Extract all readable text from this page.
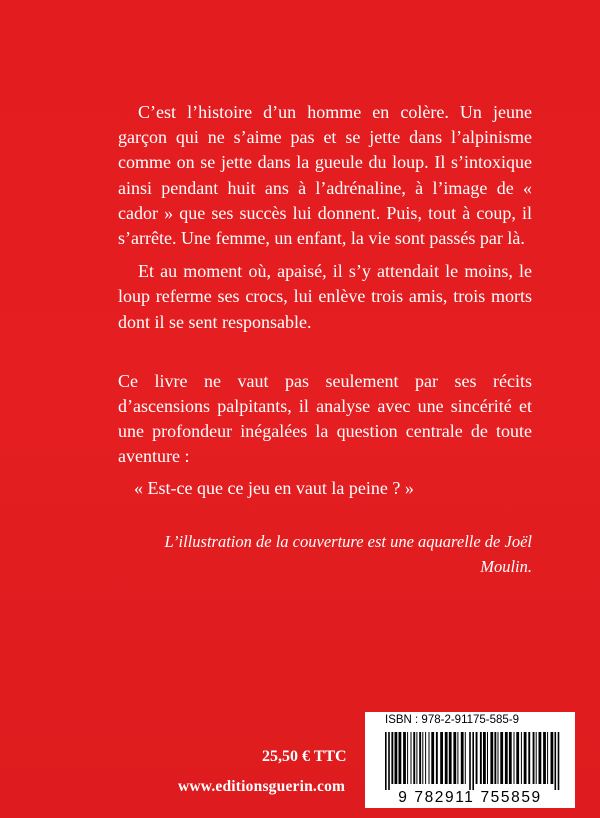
C’est l’histoire d’un homme en colère. Un jeune garçon qui ne s’aime pas et se jette dans l’alpinisme comme on se jette dans la gueule du loup. Il s’intoxique ainsi pendant huit ans à l’adrénaline, à l’image de « cador » que ses succès lui donnent. Puis, tout à coup, il s’arrête. Une femme, un enfant, la vie sont passés par là.

Et au moment où, apaisé, il s’y attendait le moins, le loup referme ses crocs, lui enlève trois amis, trois morts dont il se sent responsable.

Ce livre ne vaut pas seulement par ses récits d’ascensions palpitants, il analyse avec une sincérité et une profondeur inégalées la question centrale de toute aventure :

« Est-ce que ce jeu en vaut la peine ? »

L’illustration de la couverture est une aquarelle de Joël Moulin.

25,50 € TTC
www.editionsguerin.com
ISBN : 978-2-91175-585-9
9 782911 755859
